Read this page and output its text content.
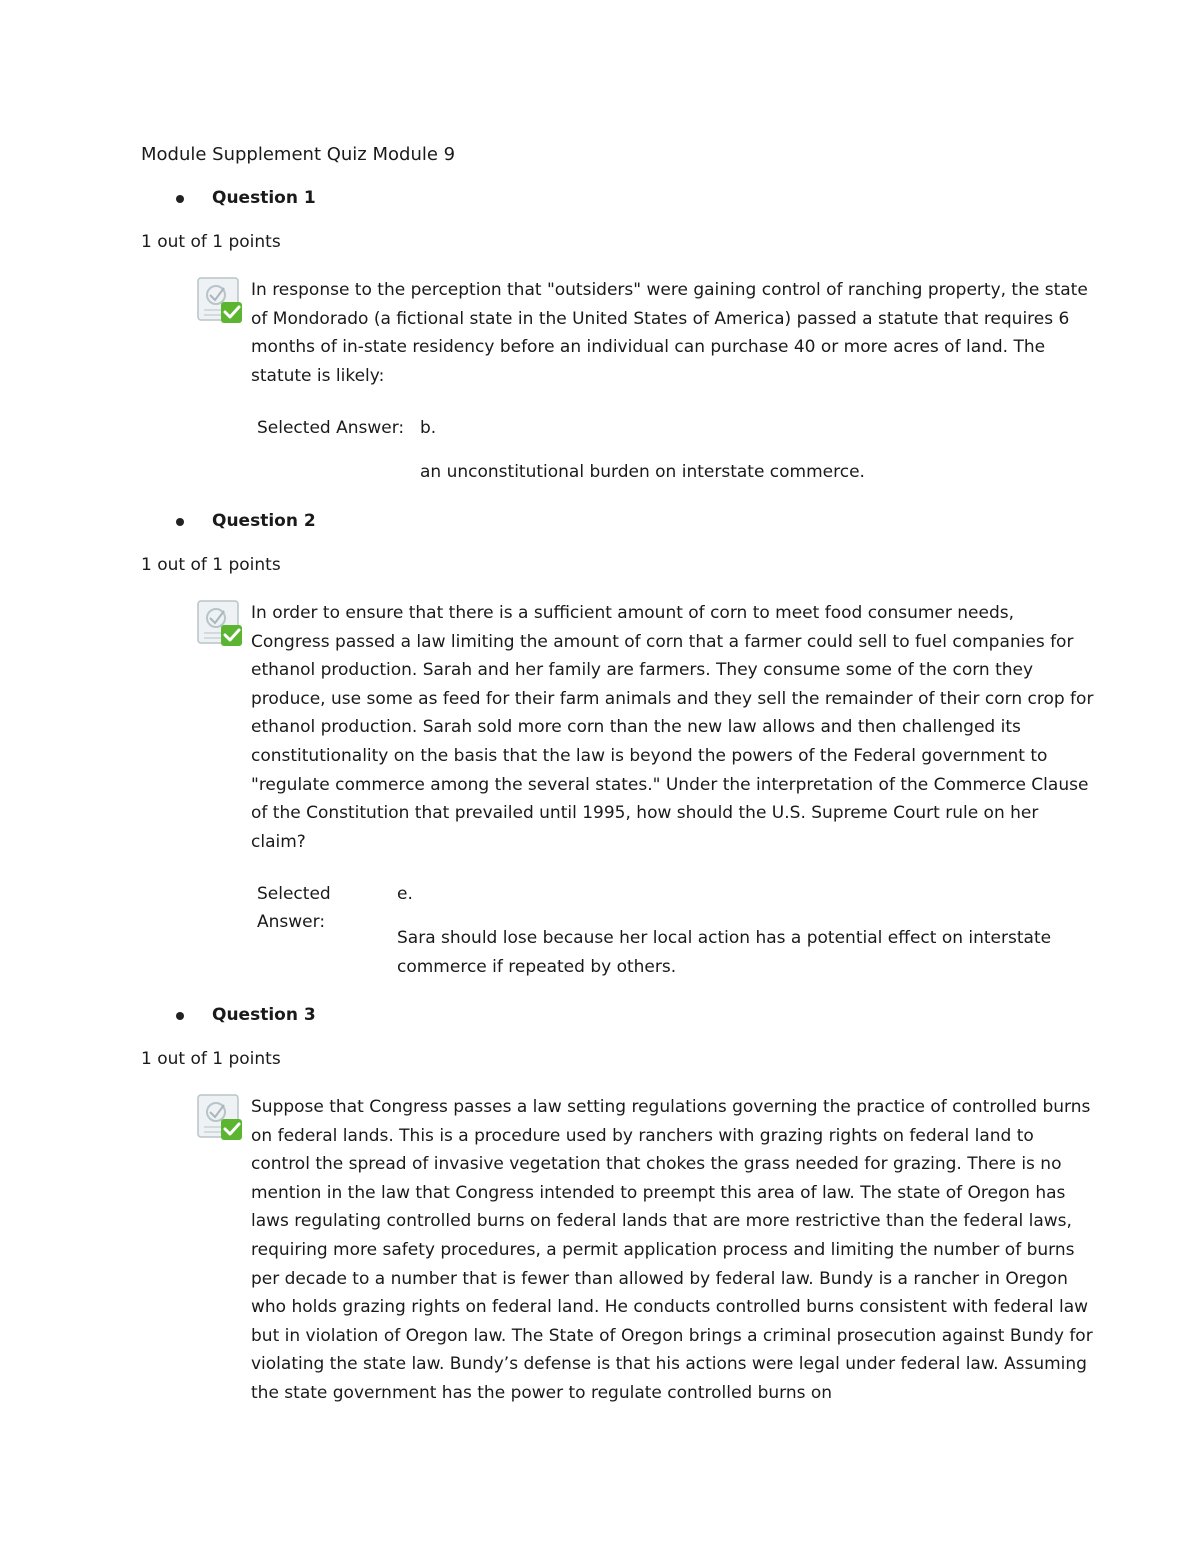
Module Supplement Quiz Module 9
Question 1
1 out of 1 points
In response to the perception that "outsiders" were gaining control of ranching property, the state of Mondorado (a fictional state in the United States of America) passed a statute that requires 6 months of in-state residency before an individual can purchase 40 or more acres of land. The statute is likely:
Selected Answer: b.
an unconstitutional burden on interstate commerce.
Question 2
1 out of 1 points
In order to ensure that there is a sufficient amount of corn to meet food consumer needs, Congress passed a law limiting the amount of corn that a farmer could sell to fuel companies for ethanol production. Sarah and her family are farmers. They consume some of the corn they produce, use some as feed for their farm animals and they sell the remainder of their corn crop for ethanol production. Sarah sold more corn than the new law allows and then challenged its constitutionality on the basis that the law is beyond the powers of the Federal government to "regulate commerce among the several states." Under the interpretation of the Commerce Clause of the Constitution that prevailed until 1995, how should the U.S. Supreme Court rule on her claim?
Selected
Answer:
e.
Sara should lose because her local action has a potential effect on interstate commerce if repeated by others.
Question 3
1 out of 1 points
Suppose that Congress passes a law setting regulations governing the practice of controlled burns on federal lands. This is a procedure used by ranchers with grazing rights on federal land to control the spread of invasive vegetation that chokes the grass needed for grazing. There is no mention in the law that Congress intended to preempt this area of law. The state of Oregon has laws regulating controlled burns on federal lands that are more restrictive than the federal laws, requiring more safety procedures, a permit application process and limiting the number of burns per decade to a number that is fewer than allowed by federal law. Bundy is a rancher in Oregon who holds grazing rights on federal land. He conducts controlled burns consistent with federal law but in violation of Oregon law. The State of Oregon brings a criminal prosecution against Bundy for violating the state law. Bundy’s defense is that his actions were legal under federal law. Assuming the state government has the power to regulate controlled burns on
